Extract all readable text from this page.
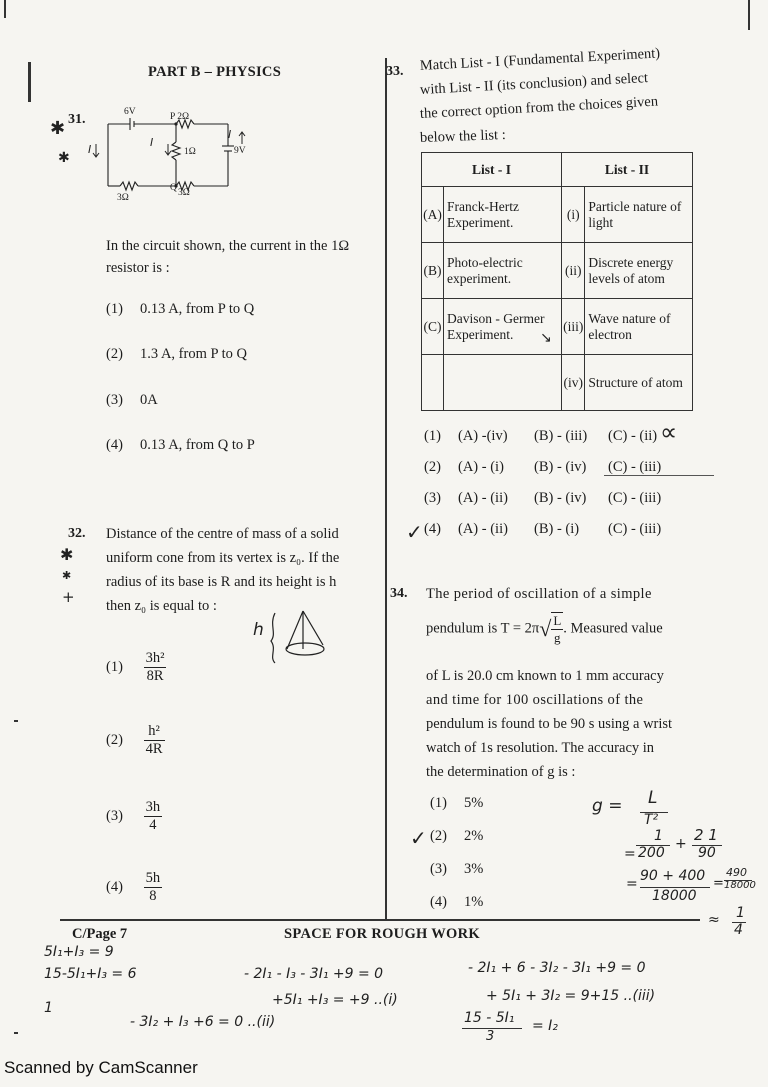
PART B – PHYSICS
31.
✱
✱
6V	P 2Ω
1Ω	9V
3Ω	3Ω
Q
I
I
I
In the circuit shown, the current in the 1Ω resistor is :
(1) 0.13 A, from P to Q
(2) 1.3 A, from P to Q
(3) 0A
(4) 0.13 A, from Q to P
32.
✱
✱
+
Distance of the centre of mass of a solid
uniform cone from its vertex is z₀. If the
radius of its base is R and its height is h
then z₀ is equal to :
h
$(1) \frac{\text{3h²}}{8R}$
$(2) \frac{\text{h²}}{4R}$
$(3) \frac{3h}{4}$
$(4) \frac{5h}{8}$
33. Match List - I (Fundamental Experiment)
with List - II (its conclusion) and select
the correct option from the choices given
below the list :
List - I		List - II	
(A)	Franck-Hertz Experiment.	(i)	Particle nature of light
(B)	Photo-electric experiment.	(ii)	Discrete energy levels of atom
(C)	Davison - Germer Experiment.	(iii)	Wave nature of electron
		(iv)	Structure of atom
↘
(1) (A) -(iv) (B) - (iii) (C) - (ii) ∝
(2) (A) - (i) (B) - (iv) (C) - (iii)
(3) (A) - (ii) (B) - (iv) (C) - (iii)
(4) (A) - (ii) (B) - (i) (C) - (iii)
✓
34. The period of oscillation of a simple
pendulum is $T = 2\pi√ \frac{L}{g}$ . Measured value
of L is 20.0 cm known to 1 mm accuracy
and time for 100 oscillations of the
pendulum is found to be 90 s using a wrist
watch of 1s resolution. The accuracy in
the determination of g is :
(1) 5%
(2) 2%
✓
(3) 3%
(4) 1%
g = L
T²
1
200
+ 2 1
90
=
= 90 + 400
18000
=
490
18000
≈ 1
4
C/Page 7	SPACE FOR ROUGH WORK
5I₁+I₃ = 9
15-5I₁+I₃ = 6
1
- 2I₁ - I₃ - 3I₁ +9 = 0
+5I₁ +I₃ = +9 ..(i)
- 3I₂ + I₃ +6 = 0 ..(ii)
- 2I₁ + 6 - 3I₂ - 3I₁ +9 = 0
+ 5I₁ + 3I₂ = 9+15 ..(iii)
15 - 5I₁
3
= I₂
Scanned by CamScanner
